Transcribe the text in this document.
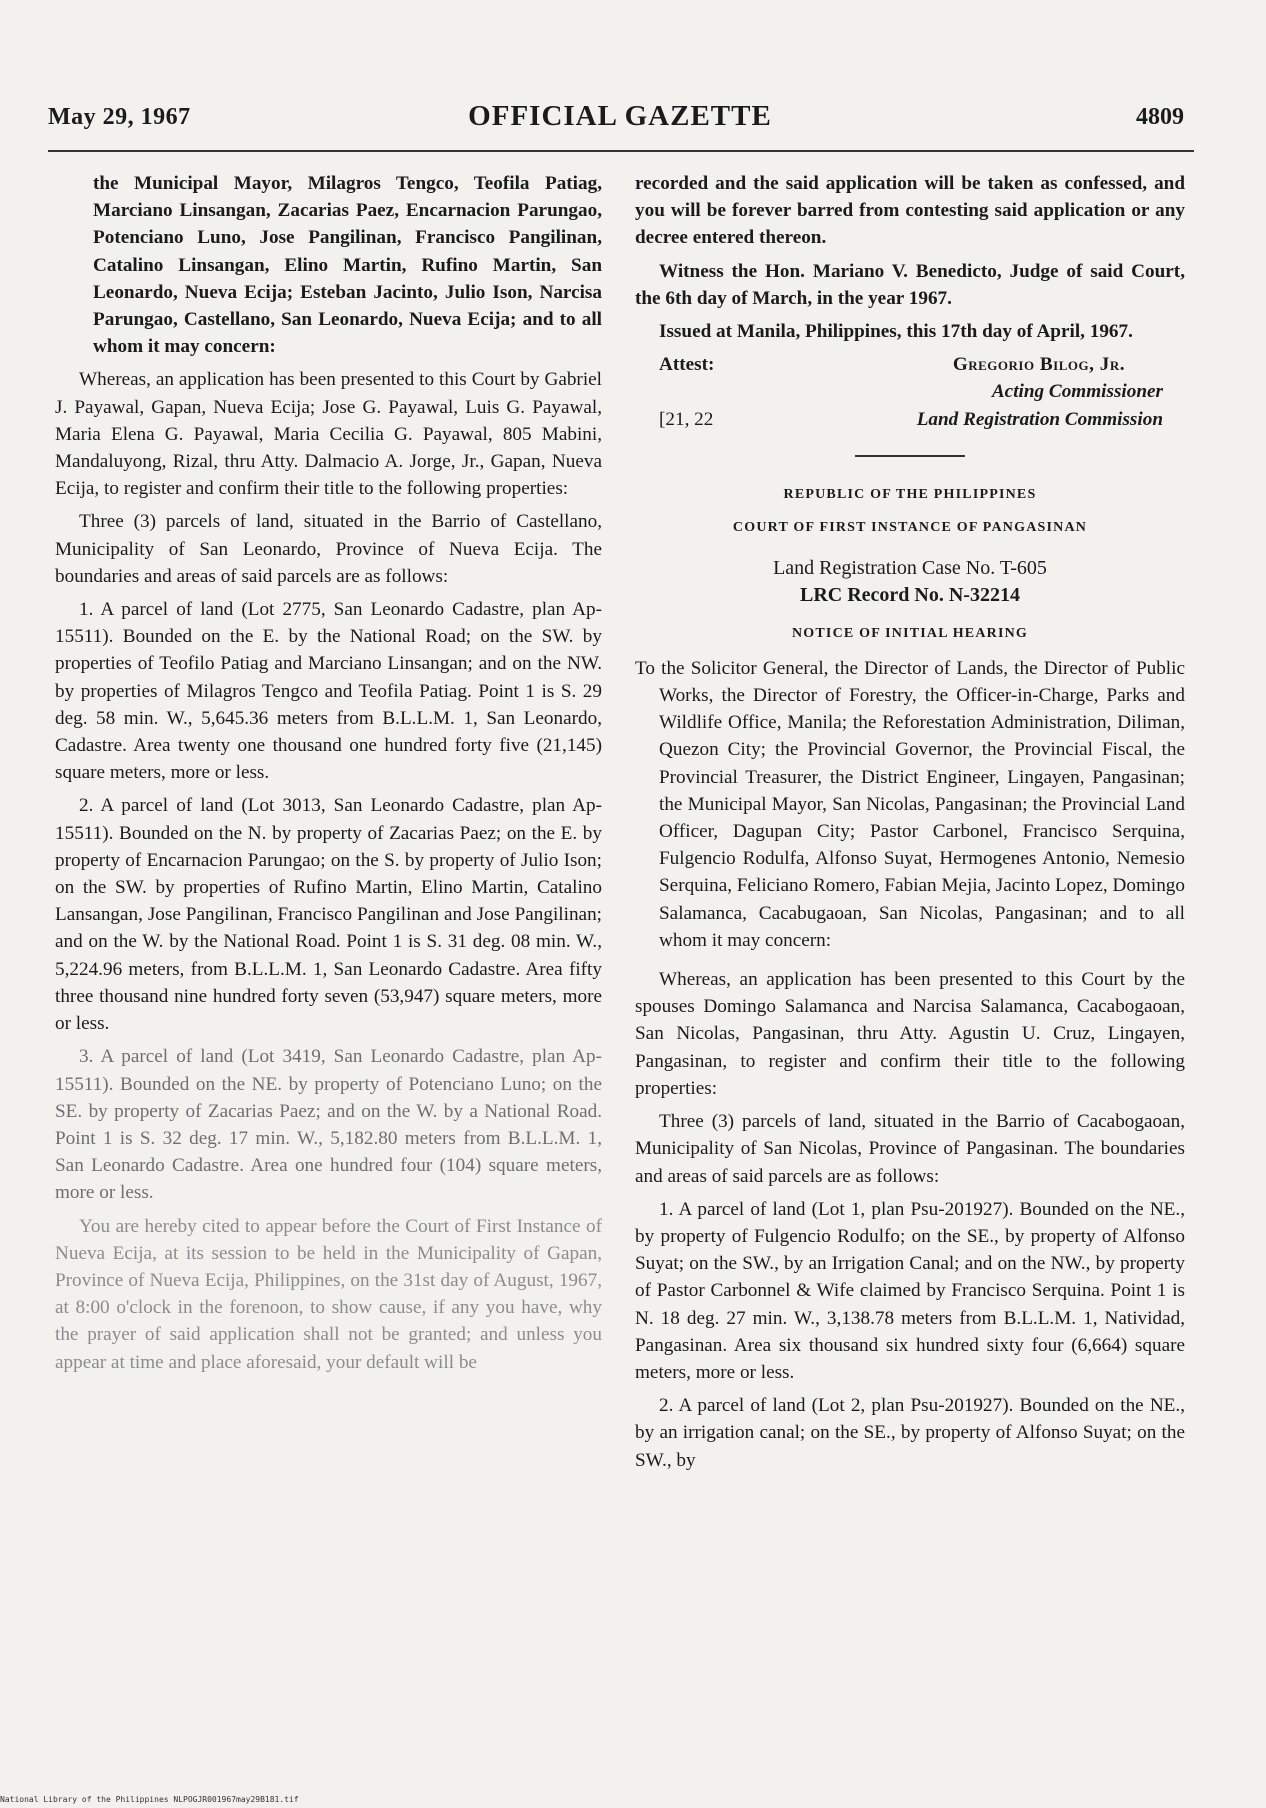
May 29, 1967	OFFICIAL GAZETTE	4809

the Municipal Mayor, Milagros Tengco, Teofila Patiag, Marciano Linsangan, Zacarias Paez, Encarnacion Parungao, Potenciano Luno, Jose Pangilinan, Francisco Pangilinan, Catalino Linsangan, Elino Martin, Rufino Martin, San Leonardo, Nueva Ecija; Esteban Jacinto, Julio Ison, Narcisa Parungao, Castellano, San Leonardo, Nueva Ecija; and to all whom it may concern:

Whereas, an application has been presented to this Court by Gabriel J. Payawal, Gapan, Nueva Ecija; Jose G. Payawal, Luis G. Payawal, Maria Elena G. Payawal, Maria Cecilia G. Payawal, 805 Mabini, Mandaluyong, Rizal, thru Atty. Dalmacio A. Jorge, Jr., Gapan, Nueva Ecija, to register and confirm their title to the following properties:

Three (3) parcels of land, situated in the Barrio of Castellano, Municipality of San Leonardo, Province of Nueva Ecija. The boundaries and areas of said parcels are as follows:

1. A parcel of land (Lot 2775, San Leonardo Cadastre, plan Ap-15511). Bounded on the E. by the National Road; on the SW. by properties of Teofilo Patiag and Marciano Linsangan; and on the NW. by properties of Milagros Tengco and Teofila Patiag. Point 1 is S. 29 deg. 58 min. W., 5,645.36 meters from B.L.L.M. 1, San Leonardo, Cadastre. Area twenty one thousand one hundred forty five (21,145) square meters, more or less.

2. A parcel of land (Lot 3013, San Leonardo Cadastre, plan Ap-15511). Bounded on the N. by property of Zacarias Paez; on the E. by property of Encarnacion Parungao; on the S. by property of Julio Ison; on the SW. by properties of Rufino Martin, Elino Martin, Catalino Lansangan, Jose Pangilinan, Francisco Pangilinan and Jose Pangilinan; and on the W. by the National Road. Point 1 is S. 31 deg. 08 min. W., 5,224.96 meters, from B.L.L.M. 1, San Leonardo Cadastre. Area fifty three thousand nine hundred forty seven (53,947) square meters, more or less.

3. A parcel of land (Lot 3419, San Leonardo Cadastre, plan Ap-15511). Bounded on the NE. by property of Potenciano Luno; on the SE. by property of Zacarias Paez; and on the W. by a National Road. Point 1 is S. 32 deg. 17 min. W., 5,182.80 meters from B.L.L.M. 1, San Leonardo Cadastre. Area one hundred four (104) square meters, more or less.

You are hereby cited to appear before the Court of First Instance of Nueva Ecija, at its session to be held in the Municipality of Gapan, Province of Nueva Ecija, Philippines, on the 31st day of August, 1967, at 8:00 o'clock in the forenoon, to show cause, if any you have, why the prayer of said application shall not be granted; and unless you appear at time and place aforesaid, your default will be

recorded and the said application will be taken as confessed, and you will be forever barred from contesting said application or any decree entered thereon.

Witness the Hon. Mariano V. Benedicto, Judge of said Court, the 6th day of March, in the year 1967.

Issued at Manila, Philippines, this 17th day of April, 1967.

Attest:	Gregorio Bilog, Jr.
Acting Commissioner
[21, 22	Land Registration Commission

REPUBLIC OF THE PHILIPPINES

COURT OF FIRST INSTANCE OF PANGASINAN

Land Registration Case No. T-605

LRC Record No. N-32214

NOTICE OF INITIAL HEARING

To the Solicitor General, the Director of Lands, the Director of Public Works, the Director of Forestry, the Officer-in-Charge, Parks and Wildlife Office, Manila; the Reforestation Administration, Diliman, Quezon City; the Provincial Governor, the Provincial Fiscal, the Provincial Treasurer, the District Engineer, Lingayen, Pangasinan; the Municipal Mayor, San Nicolas, Pangasinan; the Provincial Land Officer, Dagupan City; Pastor Carbonel, Francisco Serquina, Fulgencio Rodulfa, Alfonso Suyat, Hermogenes Antonio, Nemesio Serquina, Feliciano Romero, Fabian Mejia, Jacinto Lopez, Domingo Salamanca, Cacabugaoan, San Nicolas, Pangasinan; and to all whom it may concern:

Whereas, an application has been presented to this Court by the spouses Domingo Salamanca and Narcisa Salamanca, Cacabogaoan, San Nicolas, Pangasinan, thru Atty. Agustin U. Cruz, Lingayen, Pangasinan, to register and confirm their title to the following properties:

Three (3) parcels of land, situated in the Barrio of Cacabogaoan, Municipality of San Nicolas, Province of Pangasinan. The boundaries and areas of said parcels are as follows:

1. A parcel of land (Lot 1, plan Psu-201927). Bounded on the NE., by property of Fulgencio Rodulfo; on the SE., by property of Alfonso Suyat; on the SW., by an Irrigation Canal; and on the NW., by property of Pastor Carbonnel & Wife claimed by Francisco Serquina. Point 1 is N. 18 deg. 27 min. W., 3,138.78 meters from B.L.L.M. 1, Natividad, Pangasinan. Area six thousand six hundred sixty four (6,664) square meters, more or less.

2. A parcel of land (Lot 2, plan Psu-201927). Bounded on the NE., by an irrigation canal; on the SE., by property of Alfonso Suyat; on the SW., by

National Library of the Philippines NLPOGJR001967may29B181.tif
